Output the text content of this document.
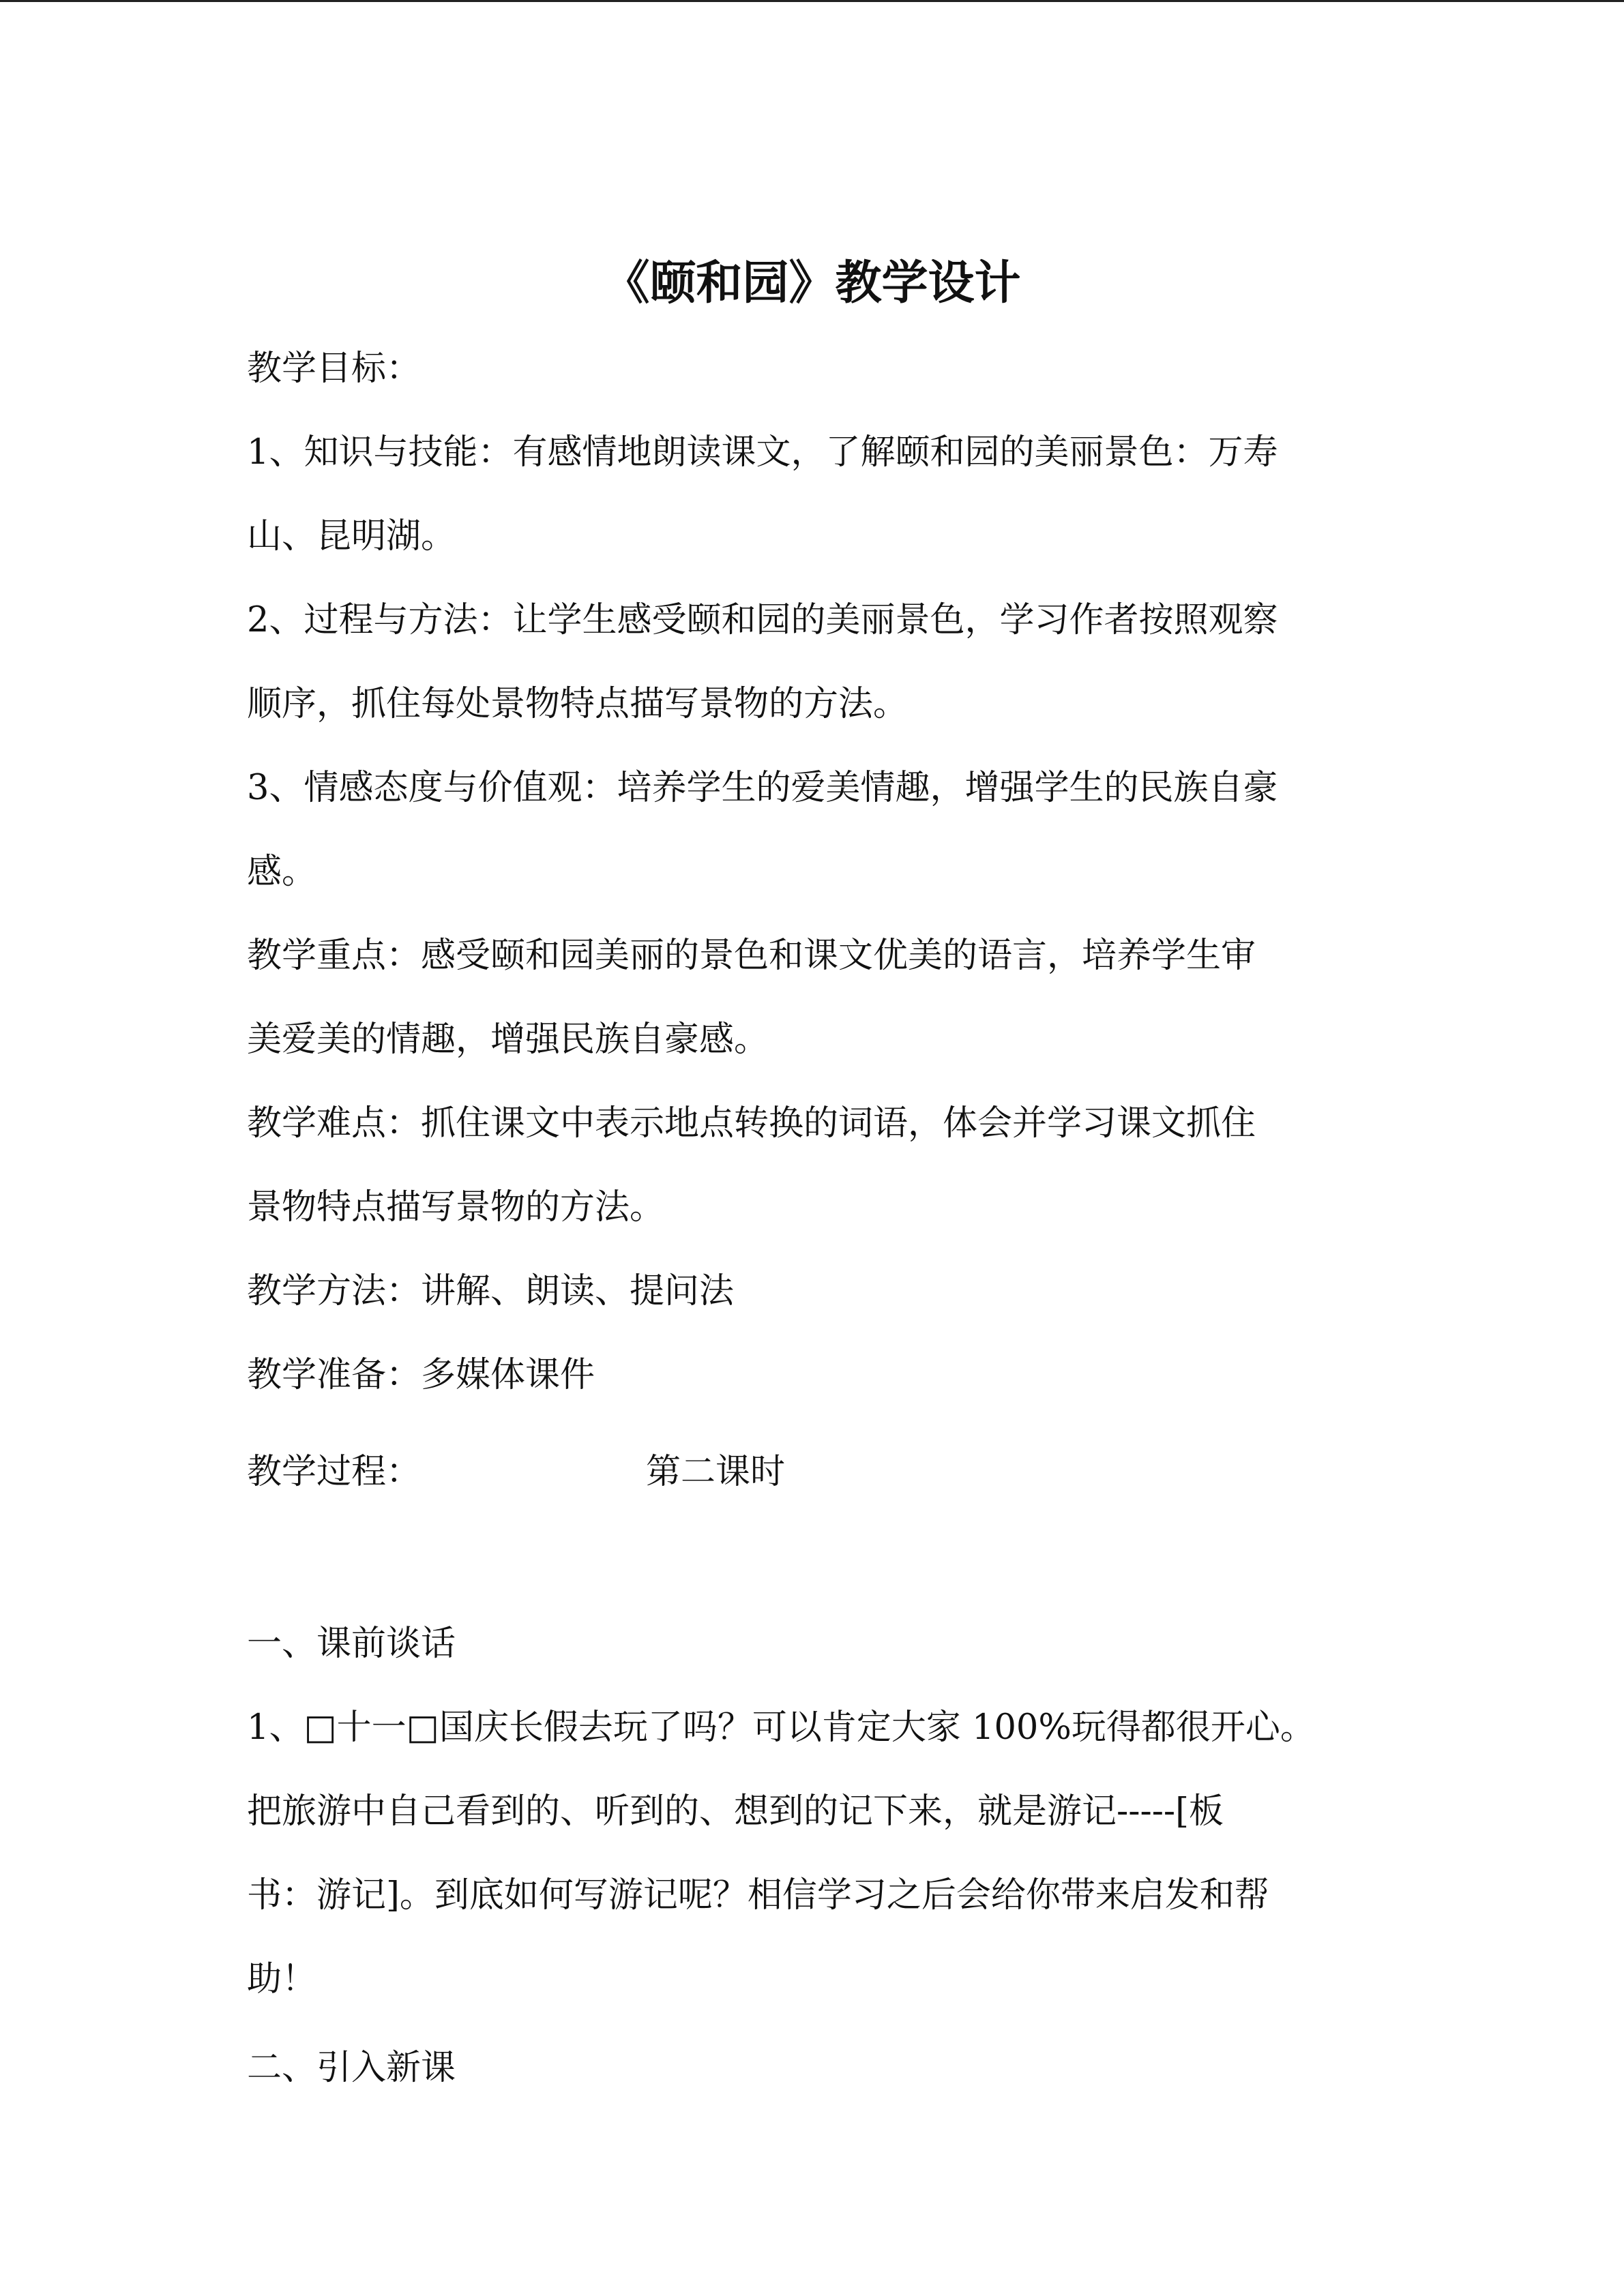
《颐和园》教学设计
教学目标：
1、知识与技能：有感情地朗读课文，了解颐和园的美丽景色：万寿
山、昆明湖。
2、过程与方法：让学生感受颐和园的美丽景色，学习作者按照观察
顺序，抓住每处景物特点描写景物的方法。
3、情感态度与价值观：培养学生的爱美情趣，增强学生的民族自豪
感。
教学重点：感受颐和园美丽的景色和课文优美的语言，培养学生审
美爱美的情趣，增强民族自豪感。
教学难点：抓住课文中表示地点转换的词语，体会并学习课文抓住
景物特点描写景物的方法。
教学方法：讲解、朗读、提问法
教学准备：多媒体课件
教学过程：	第二课时
一、课前谈话
1、□十一□国庆长假去玩了吗？可以肯定大家 100%玩得都很开心。
把旅游中自己看到的、听到的、想到的记下来，就是游记-----[板
书：游记]。到底如何写游记呢？相信学习之后会给你带来启发和帮
助！
二、引入新课
